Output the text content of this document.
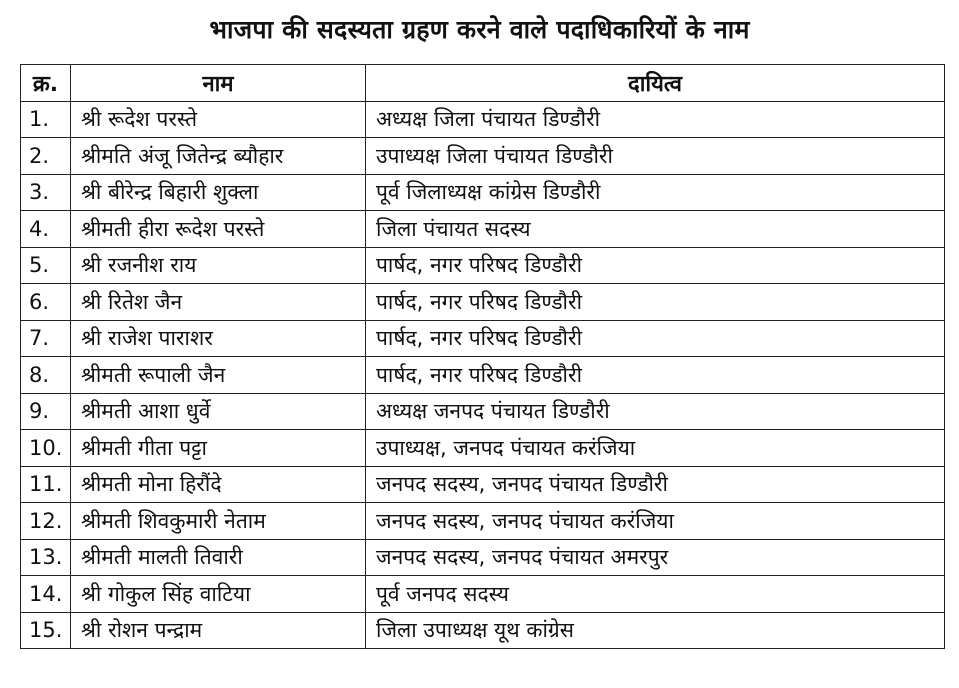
भाजपा की सदस्यता ग्रहण करने वाले पदाधिकारियों के नाम
क्र.	नाम	दायित्व
1.	श्री रूदेश परस्ते	अध्यक्ष जिला पंचायत डिण्डौरी
2.	श्रीमति अंजू जितेन्द्र ब्यौहार	उपाध्यक्ष जिला पंचायत डिण्डौरी
3.	श्री बीरेन्द्र बिहारी शुक्ला	पूर्व जिलाध्यक्ष कांग्रेस डिण्डौरी
4.	श्रीमती हीरा रूदेश परस्ते	जिला पंचायत सदस्य
5.	श्री रजनीश राय	पार्षद, नगर परिषद डिण्डौरी
6.	श्री रितेश जैन	पार्षद, नगर परिषद डिण्डौरी
7.	श्री राजेश पाराशर	पार्षद, नगर परिषद डिण्डौरी
8.	श्रीमती रूपाली जैन	पार्षद, नगर परिषद डिण्डौरी
9.	श्रीमती आशा धुर्वे	अध्यक्ष जनपद पंचायत डिण्डौरी
10.	श्रीमती गीता पट्टा	उपाध्यक्ष, जनपद पंचायत करंजिया
11.	श्रीमती मोना हिरौंदे	जनपद सदस्य, जनपद पंचायत डिण्डौरी
12.	श्रीमती शिवकुमारी नेताम	जनपद सदस्य, जनपद पंचायत करंजिया
13.	श्रीमती मालती तिवारी	जनपद सदस्य, जनपद पंचायत अमरपुर
14.	श्री गोकुल सिंह वाटिया	पूर्व जनपद सदस्य
15.	श्री रोशन पन्द्राम	जिला उपाध्यक्ष यूथ कांग्रेस
